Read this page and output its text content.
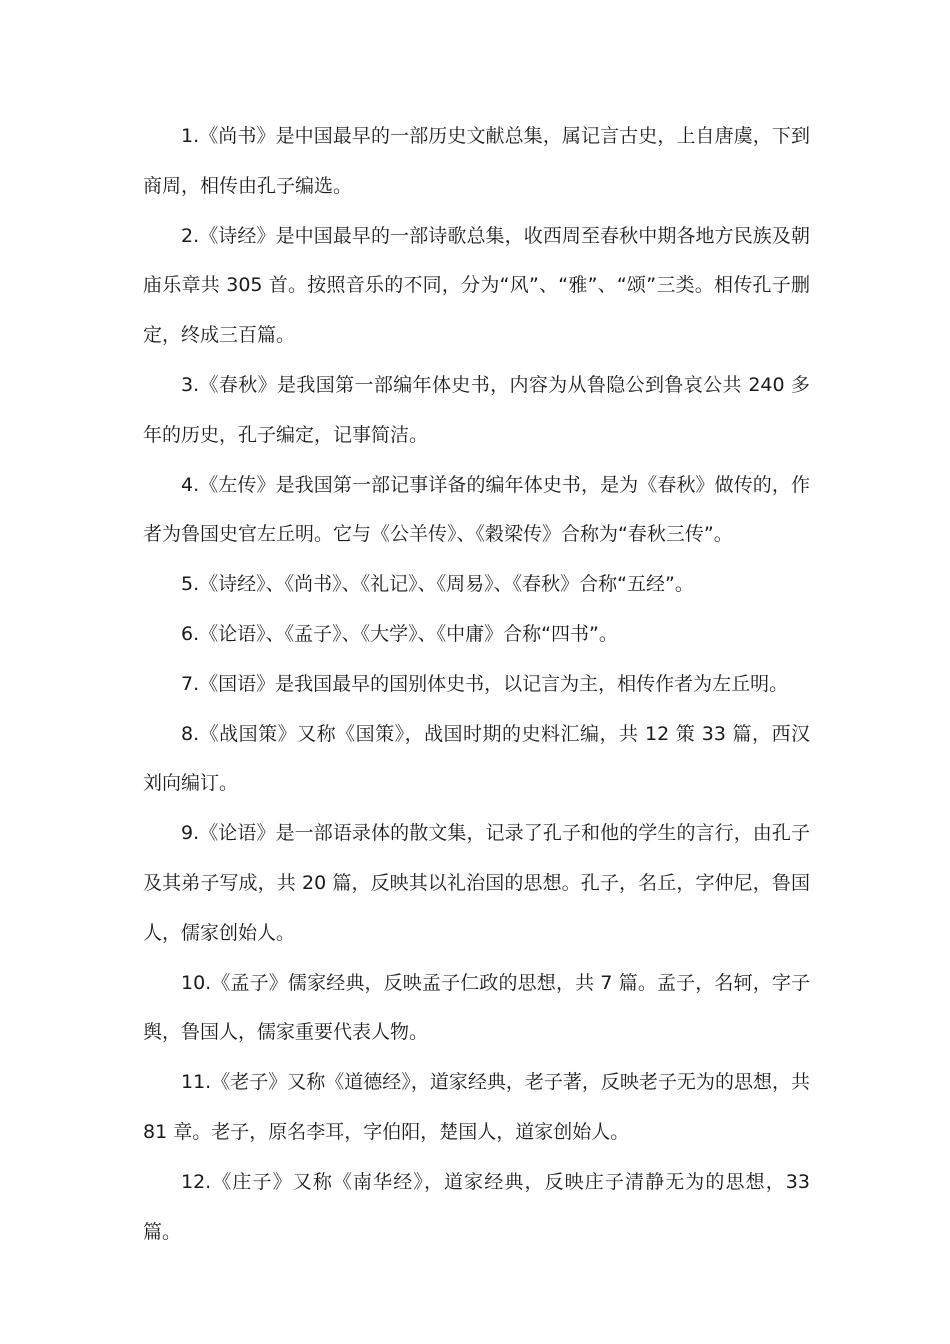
1.《尚书》是中国最早的一部历史文献总集，属记言古史，上自唐虞，下到商周，相传由孔子编选。

2.《诗经》是中国最早的一部诗歌总集，收西周至春秋中期各地方民族及朝庙乐章共 305 首。按照音乐的不同，分为“风”、“雅”、“颂”三类。相传孔子删定，终成三百篇。

3.《春秋》是我国第一部编年体史书，内容为从鲁隐公到鲁哀公共 240 多年的历史，孔子编定，记事简洁。

4.《左传》是我国第一部记事详备的编年体史书，是为《春秋》做传的，作者为鲁国史官左丘明。它与《公羊传》、《穀梁传》合称为“春秋三传”。

5.《诗经》、《尚书》、《礼记》、《周易》、《春秋》合称“五经”。

6.《论语》、《孟子》、《大学》、《中庸》合称“四书”。

7.《国语》是我国最早的国别体史书，以记言为主，相传作者为左丘明。

8.《战国策》又称《国策》，战国时期的史料汇编，共 12 策 33 篇，西汉刘向编订。

9.《论语》是一部语录体的散文集，记录了孔子和他的学生的言行，由孔子及其弟子写成，共 20 篇，反映其以礼治国的思想。孔子，名丘，字仲尼，鲁国人，儒家创始人。

10.《孟子》儒家经典，反映孟子仁政的思想，共 7 篇。孟子，名轲，字子舆，鲁国人，儒家重要代表人物。

11.《老子》又称《道德经》，道家经典，老子著，反映老子无为的思想，共 81 章。老子，原名李耳，字伯阳，楚国人，道家创始人。

12.《庄子》又称《南华经》，道家经典，反映庄子清静无为的思想，33 篇。
